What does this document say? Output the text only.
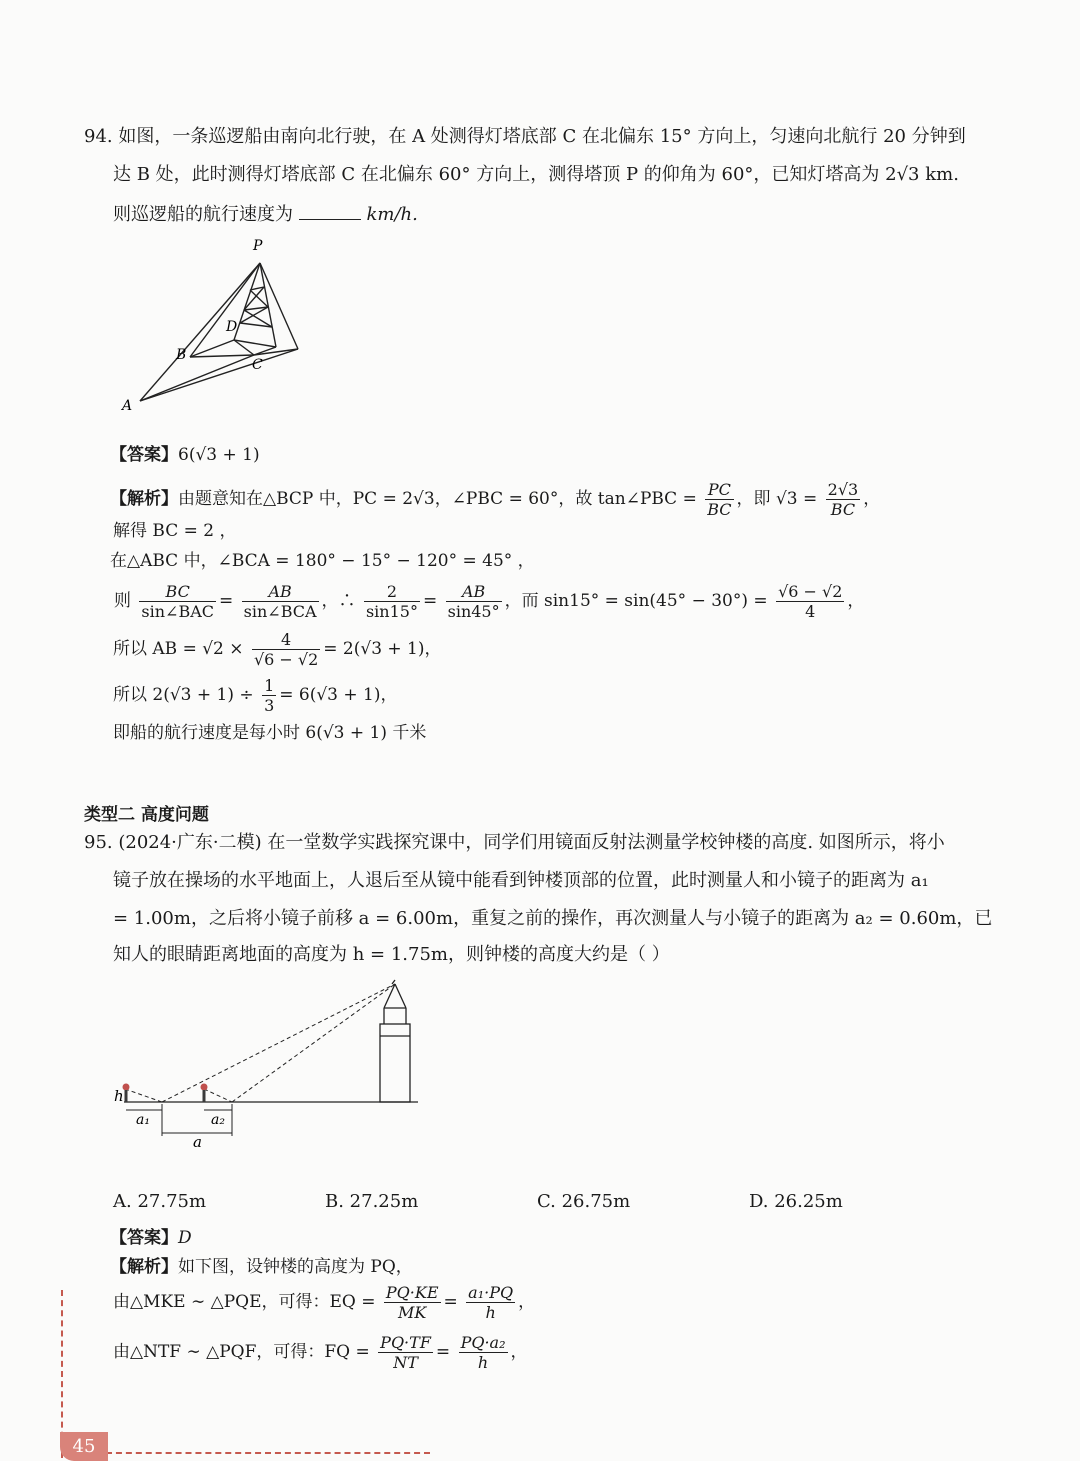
94. 如图，一条巡逻船由南向北行驶，在 A 处测得灯塔底部 C 在北偏东 15° 方向上，匀速向北航行 20 分钟到
达 B 处，此时测得灯塔底部 C 在北偏东 60° 方向上，测得塔顶 P 的仰角为 60°，已知灯塔高为 2√3 km.
则巡逻船的航行速度为	km/h.
P
D
B
C
A
【答案】6(√3 + 1)
【解析】由题意知在△BCP 中，PC = 2√3，∠PBC = 60°，故 tan∠PBC = $\frac{PC}{BC}$ ，即 $√3 = \frac{2√3}{BC}$ ，
解得 BC = 2 ，
在△ABC 中，∠BCA = 180° − 15° − 120° = 45° ，
则 $\frac{BC}{\text{sin∠BAC}} = \frac{AB}{\text{sin∠BCA}}$ ，∴ $\frac{2}{\sin 15^\circ} = \frac{AB}{\sin 45^\circ}$ ，而 $\sin 15^\circ = \sin(45^\circ - 30^\circ) = \frac{√6 - √2}{4}$ ，
所以 AB = $√2 \times \frac{4}{√6 - √2} = 2(√3 + 1)$，
所以 $2(√3 + 1) \div \frac{1}{3} = 6(√3 + 1)$，
即船的航行速度是每小时 6(√3 + 1) 千米
类型二 高度问题
95. (2024·广东·二模) 在一堂数学实践探究课中，同学们用镜面反射法测量学校钟楼的高度. 如图所示，将小
镜子放在操场的水平地面上，人退后至从镜中能看到钟楼顶部的位置，此时测量人和小镜子的距离为 a₁
= 1.00m，之后将小镜子前移 a = 6.00m，重复之前的操作，再次测量人与小镜子的距离为 a₂ = 0.60m，已
知人的眼睛距离地面的高度为 h = 1.75m，则钟楼的高度大约是（ ）
h
a₁	a₂
a
A. 27.75m	B. 27.25m	C. 26.75m	D. 26.25m
【答案】D
【解析】如下图，设钟楼的高度为 PQ，
由△MKE ∼ △PQE，可得：EQ = $\frac{PQ\cdot KE}{MK} = \frac{\text{a₁·PQ}}{h}$ ，
由△NTF ∼ △PQF，可得：FQ = $\frac{PQ\cdot TF}{NT} = \frac{\text{PQ·a₂}}{h}$ ，
45
